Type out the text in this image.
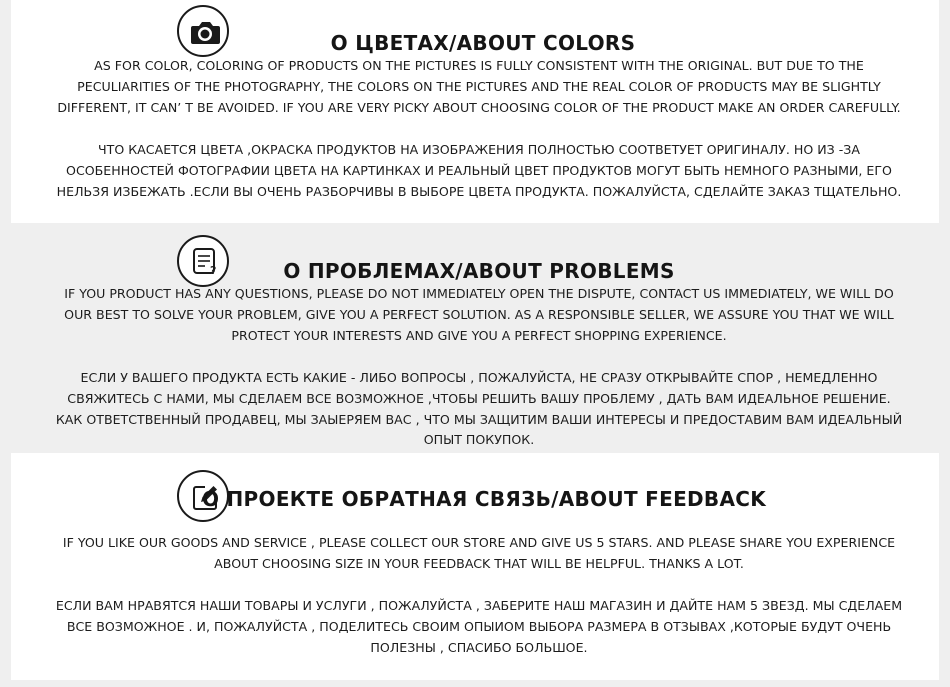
О ЦВЕТАХ/ABOUT COLORS

AS FOR COLOR, COLORING OF PRODUCTS ON THE PICTURES IS FULLY CONSISTENT WITH THE ORIGINAL. BUT DUE TO THE PECULIARITIES OF THE PHOTOGRAPHY, THE COLORS ON THE PICTURES AND THE REAL COLOR OF PRODUCTS MAY BE SLIGHTLY DIFFERENT, IT CAN’ T BE AVOIDED. IF YOU ARE VERY PICKY ABOUT CHOOSING COLOR OF THE PRODUCT MAKE AN ORDER CAREFULLY.

ЧТО КАСАЕТСЯ ЦВЕТА ,ОКРАСКА ПРОДУКТОВ НА ИЗОБРАЖЕНИЯ ПОЛНОСТЬЮ СООТВЕТУЕТ ОРИГИНАЛУ. НО ИЗ -ЗА ОСОБЕННОСТЕЙ ФОТОГРАФИИ ЦВЕТА НА КАРТИНКАХ И РЕАЛЬНЫЙ ЦВЕТ ПРОДУКТОВ МОГУТ БЫТЬ НЕМНОГО РАЗНЫМИ, ЕГО НЕЛЬЗЯ ИЗБЕЖАТЬ .ЕСЛИ ВЫ ОЧЕНЬ РАЗБОРЧИВЫ В ВЫБОРЕ ЦВЕТА ПРОДУКТА. ПОЖАЛУЙСТА, СДЕЛАЙТЕ ЗАКАЗ ТЩАТЕЛЬНО.

?	О ПРОБЛЕМАХ/ABOUT PROBLEMS

IF YOU PRODUCT HAS ANY QUESTIONS, PLEASE DO NOT IMMEDIATELY OPEN THE DISPUTE, CONTACT US IMMEDIATELY, WE WILL DO OUR BEST TO SOLVE YOUR PROBLEM, GIVE YOU A PERFECT SOLUTION. AS A RESPONSIBLE SELLER, WE ASSURE YOU THAT WE WILL PROTECT YOUR INTERESTS AND GIVE YOU A PERFECT SHOPPING EXPERIENCE.

ЕСЛИ У ВАШЕГО ПРОДУКТА ЕСТЬ КАКИЕ - ЛИБО ВОПРОСЫ , ПОЖАЛУЙСТА, НЕ СРАЗУ ОТКРЫВАЙТЕ СПОР , НЕМЕДЛЕННО СВЯЖИТЕСЬ С НАМИ, МЫ СДЕЛАЕМ ВСЕ ВОЗМОЖНОЕ ,ЧТОБЫ РЕШИТЬ ВАШУ ПРОБЛЕМУ , ДАТЬ ВАМ ИДЕАЛЬНОЕ РЕШЕНИЕ. КАК ОТВЕТСТВЕННЫЙ ПРОДАВЕЦ, МЫ ЗАЫЕРЯЕМ ВАС , ЧТО МЫ ЗАЩИТИМ ВАШИ ИНТЕРЕСЫ И ПРЕДОСТАВИМ ВАМ ИДЕАЛЬНЫЙ ОПЫТ ПОКУПОК.

О ПРОЕКТЕ ОБРАТНАЯ СВЯЗЬ/ABOUT FEEDBACK

IF YOU LIKE OUR GOODS AND SERVICE , PLEASE COLLECT OUR STORE AND GIVE US 5 STARS. AND PLEASE SHARE YOU EXPERIENCE ABOUT CHOOSING SIZE IN YOUR FEEDBACK THAT WILL BE HELPFUL. THANKS A LOT.

ЕСЛИ ВАМ НРАВЯТСЯ НАШИ ТОВАРЫ И УСЛУГИ , ПОЖАЛУЙСТА , ЗАБЕРИТЕ НАШ МАГАЗИН И ДАЙТЕ НАМ 5 ЗВЕЗД. МЫ СДЕЛАЕМ ВСЕ ВОЗМОЖНОЕ . И, ПОЖАЛУЙСТА , ПОДЕЛИТЕСЬ СВОИМ ОПЫИОМ ВЫБОРА РАЗМЕРА В ОТЗЫВАХ ,КОТОРЫЕ БУДУТ ОЧЕНЬ ПОЛЕЗНЫ , СПАСИБО БОЛЬШОЕ.
